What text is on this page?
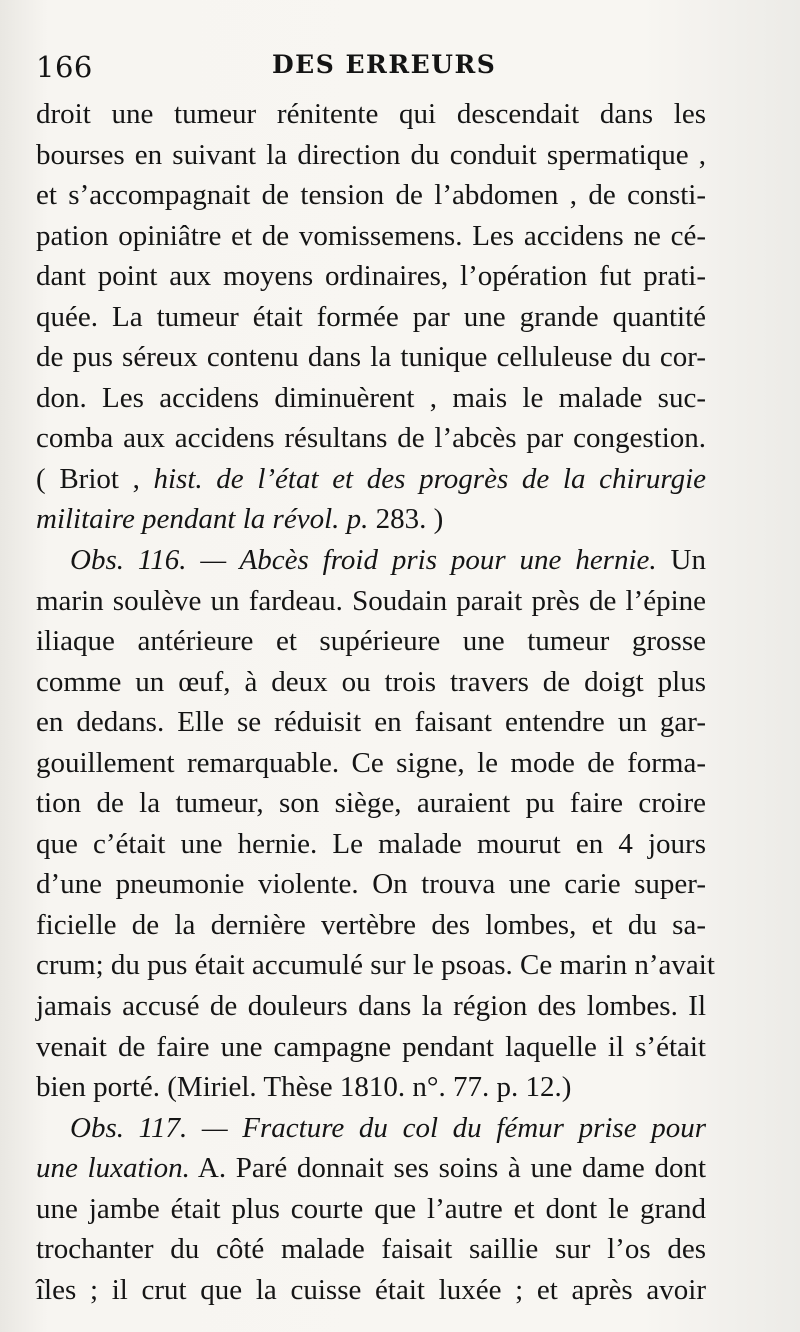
166	DES ERREURS
droit une tumeur rénitente qui descendait dans les
bourses en suivant la direction du conduit spermatique ,
et s’accompagnait de tension de l’abdomen , de consti-
pation opiniâtre et de vomissemens. Les accidens ne cé-
dant point aux moyens ordinaires, l’opération fut prati-
quée. La tumeur était formée par une grande quantité
de pus séreux contenu dans la tunique celluleuse du cor-
don. Les accidens diminuèrent , mais le malade suc-
comba aux accidens résultans de l’abcès par congestion.
( Briot , hist. de l’état et des progrès de la chirurgie
militaire pendant la révol. p. 283. )
Obs. 116. — Abcès froid pris pour une hernie. Un
marin soulève un fardeau. Soudain parait près de l’épine
iliaque antérieure et supérieure une tumeur grosse
comme un œuf, à deux ou trois travers de doigt plus
en dedans. Elle se réduisit en faisant entendre un gar-
gouillement remarquable. Ce signe, le mode de forma-
tion de la tumeur, son siège, auraient pu faire croire
que c’était une hernie. Le malade mourut en 4 jours
d’une pneumonie violente. On trouva une carie super-
ficielle de la dernière vertèbre des lombes, et du sa-
crum; du pus était accumulé sur le psoas. Ce marin n’avait
jamais accusé de douleurs dans la région des lombes. Il
venait de faire une campagne pendant laquelle il s’était
bien porté. (Miriel. Thèse 1810. n°. 77. p. 12.)
Obs. 117. — Fracture du col du fémur prise pour
une luxation. A. Paré donnait ses soins à une dame dont
une jambe était plus courte que l’autre et dont le grand
trochanter du côté malade faisait saillie sur l’os des
îles ; il crut que la cuisse était luxée ; et après avoir
